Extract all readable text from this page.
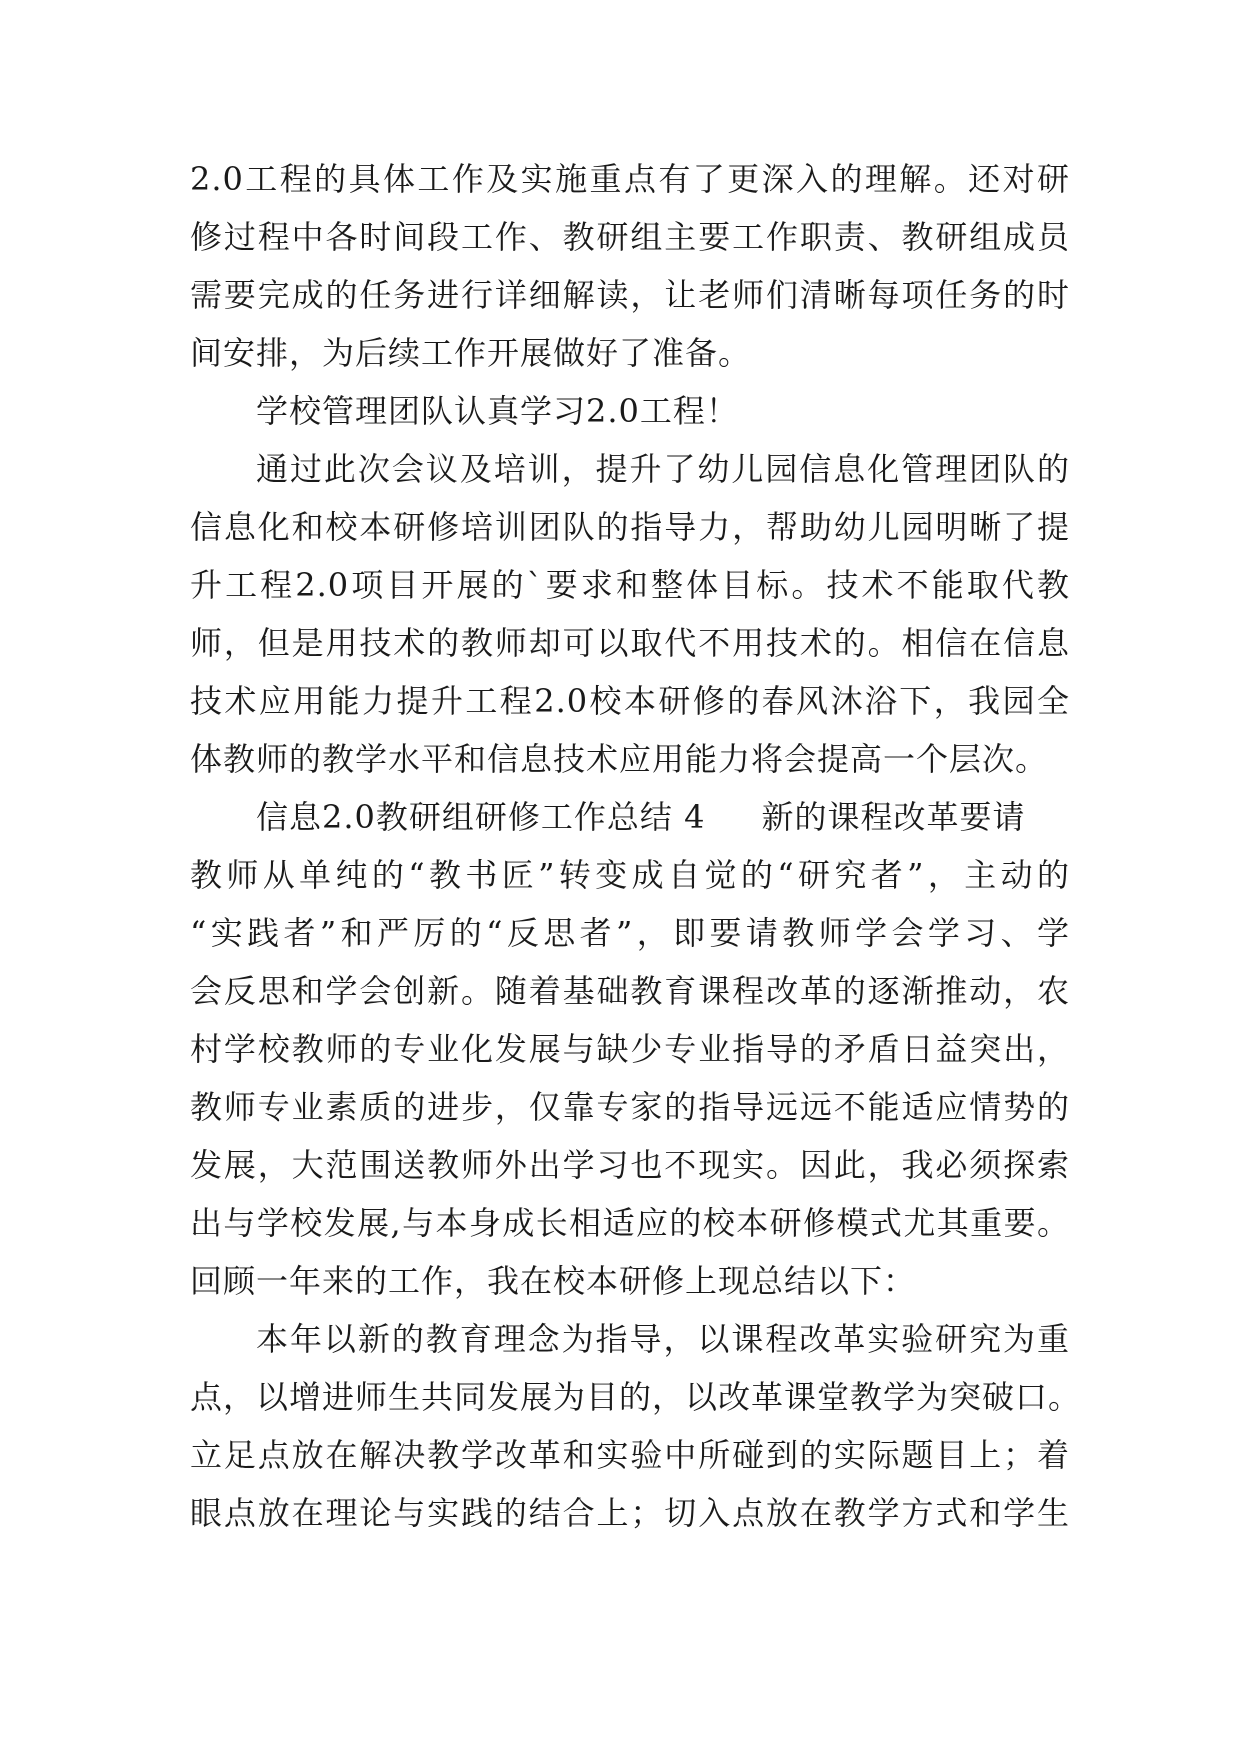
2.0工程的具体工作及实施重点有了更深入的理解。还对研
修过程中各时间段工作、教研组主要工作职责、教研组成员
需要完成的任务进行详细解读，让老师们清晰每项任务的时
间安排，为后续工作开展做好了准备。
学校管理团队认真学习2.0工程！
通过此次会议及培训，提升了幼儿园信息化管理团队的
信息化和校本研修培训团队的指导力，帮助幼儿园明晰了提
升工程2.0项目开展的`要求和整体目标。技术不能取代教
师，但是用技术的教师却可以取代不用技术的。相信在信息
技术应用能力提升工程2.0校本研修的春风沐浴下，我园全
体教师的教学水平和信息技术应用能力将会提高一个层次。
信息2.0教研组研修工作总结 4 新的课程改革要请
教师从单纯的“教书匠”转变成自觉的“研究者”，主动的
“实践者”和严厉的“反思者”，即要请教师学会学习、学
会反思和学会创新。随着基础教育课程改革的逐渐推动，农
村学校教师的专业化发展与缺少专业指导的矛盾日益突出，
教师专业素质的进步，仅靠专家的指导远远不能适应情势的
发展，大范围送教师外出学习也不现实。因此，我必须探索
出与学校发展,与本身成长相适应的校本研修模式尤其重要。
回顾一年来的工作，我在校本研修上现总结以下：
本年以新的教育理念为指导，以课程改革实验研究为重
点，以增进师生共同发展为目的，以改革课堂教学为突破口。
立足点放在解决教学改革和实验中所碰到的实际题目上；着
眼点放在理论与实践的结合上；切入点放在教学方式和学生
